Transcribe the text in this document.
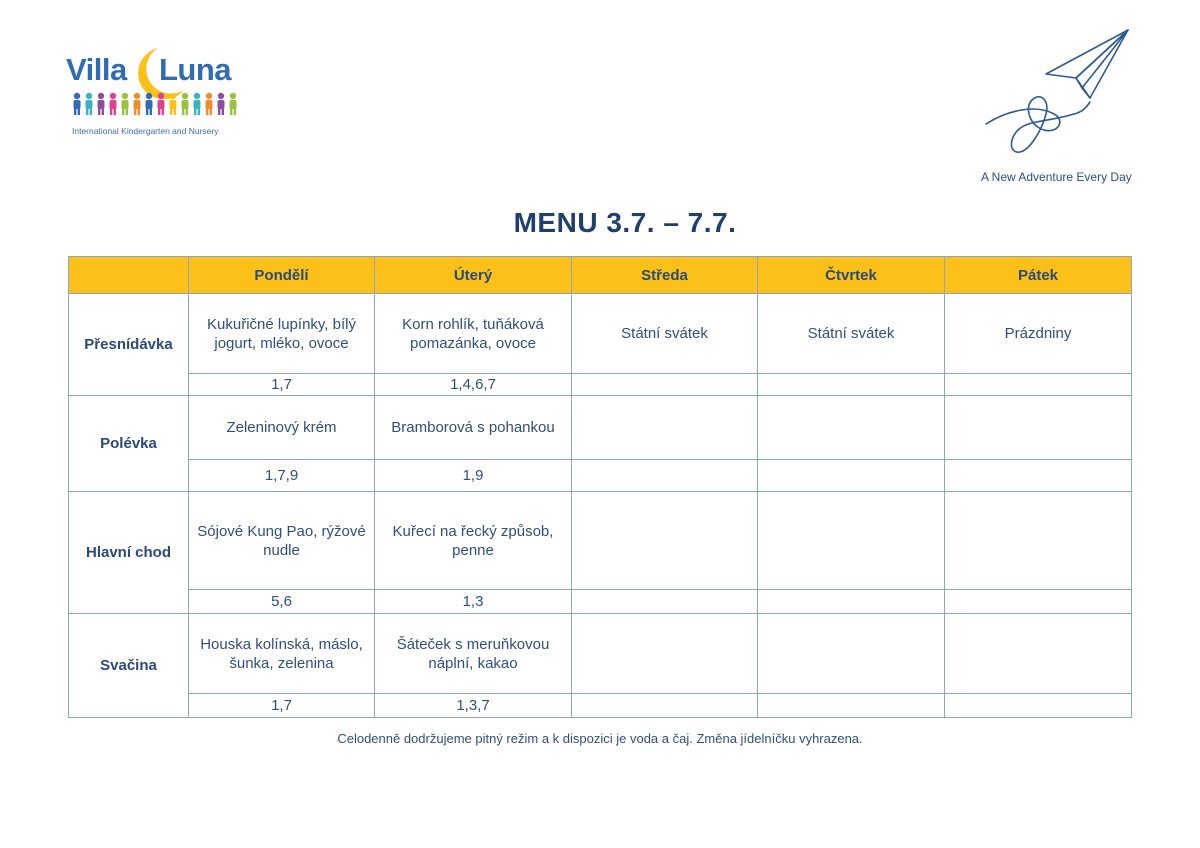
Villa Luna
International Kindergarten and Nursery
A New Adventure Every Day
MENU 3.7. – 7.7.
	Pondělí	Úterý	Středa	Čtvrtek	Pátek
Přesnídávka	Kukuřičné lupínky, bílý jogurt, mléko, ovoce	Korn rohlík, tuňáková pomazánka, ovoce	Státní svátek	Státní svátek	Prázdniny
	1,7	1,4,6,7			
Polévka	Zeleninový krém	Bramborová s pohankou			
	1,7,9	1,9			
Hlavní chod	Sójové Kung Pao, rýžové nudle	Kuřecí na řecký způsob, penne			
	5,6	1,3			
Svačina	Houska kolínská, máslo, šunka, zelenina	Šáteček s meruňkovou náplní, kakao			
	1,7	1,3,7			
Celodenně dodržujeme pitný režim a k dispozici je voda a čaj. Změna jídelníčku vyhrazena.
